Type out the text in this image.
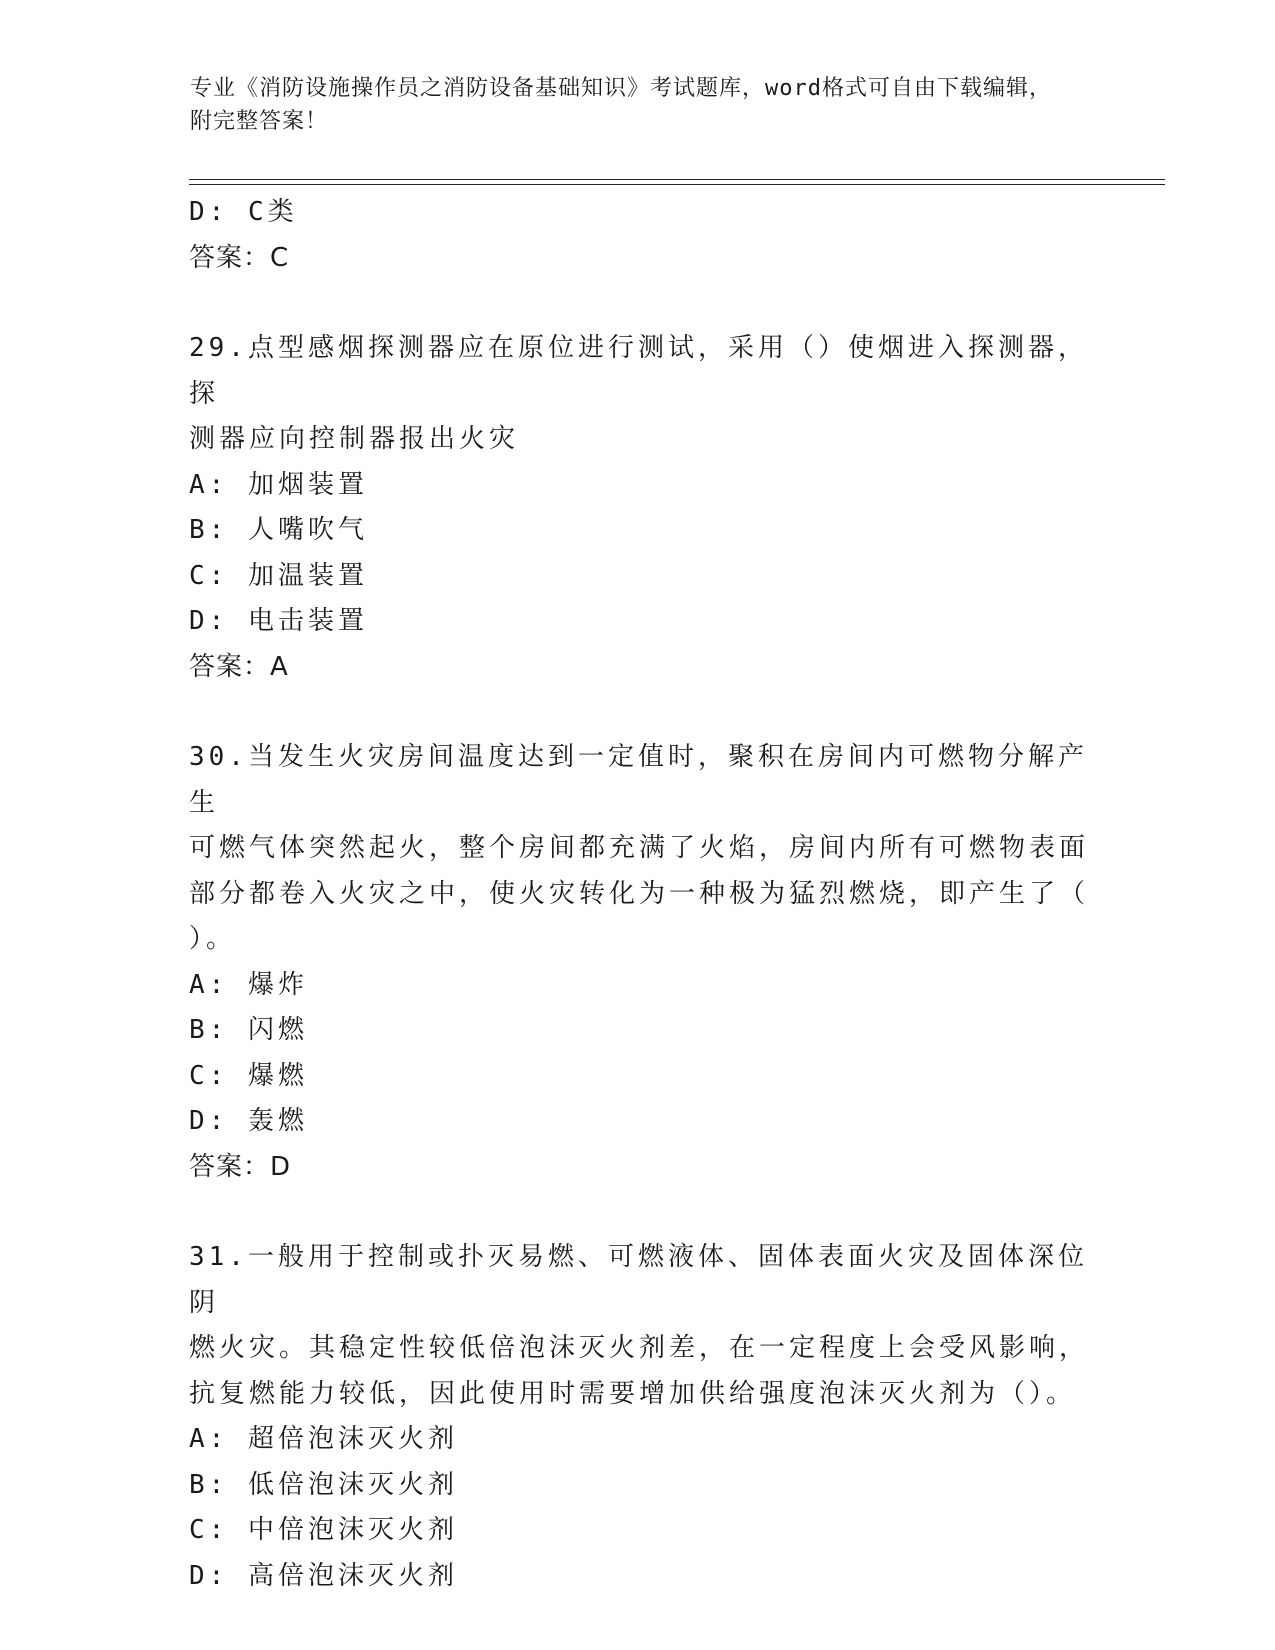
专业《消防设施操作员之消防设备基础知识》考试题库，word格式可自由下载编辑，附完整答案！
D: C类
答案：C
29.点型感烟探测器应在原位进行测试，采用（）使烟进入探测器，探
测器应向控制器报出火灾
A: 加烟装置
B: 人嘴吹气
C: 加温装置
D: 电击装置
答案：A
30.当发生火灾房间温度达到一定值时，聚积在房间内可燃物分解产生
可燃气体突然起火，整个房间都充满了火焰，房间内所有可燃物表面
部分都卷入火灾之中，使火灾转化为一种极为猛烈燃烧，即产生了（
）。
A: 爆炸
B: 闪燃
C: 爆燃
D: 轰燃
答案：D
31.一般用于控制或扑灭易燃、可燃液体、固体表面火灾及固体深位阴
燃火灾。其稳定性较低倍泡沫灭火剂差，在一定程度上会受风影响，
抗复燃能力较低，因此使用时需要增加供给强度泡沫灭火剂为（）。
A: 超倍泡沫灭火剂
B: 低倍泡沫灭火剂
C: 中倍泡沫灭火剂
D: 高倍泡沫灭火剂
